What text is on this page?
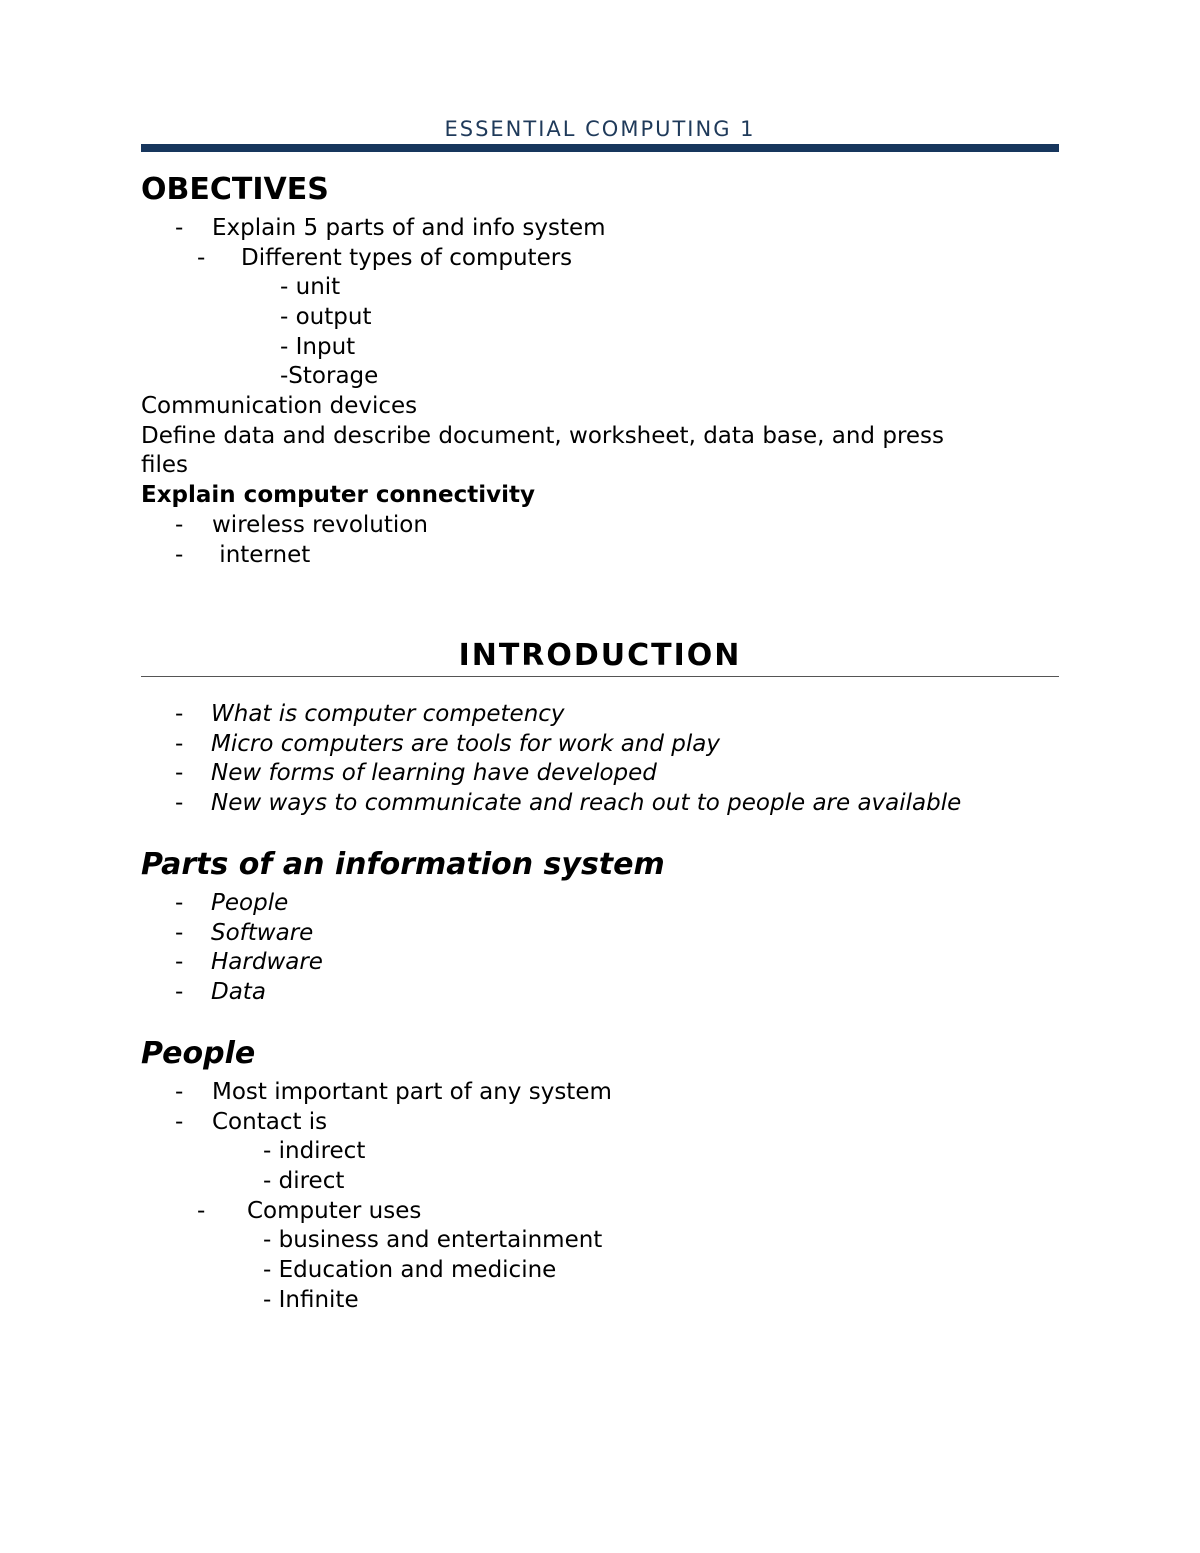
ESSENTIAL COMPUTING 1
OBECTIVES
- Explain 5 parts of and info system
- Different types of computers
- unit
- output
- Input
-Storage
Communication devices
Define data and describe document, worksheet, data base, and press
files
Explain computer connectivity
- wireless revolution
- internet
INTRODUCTION
- What is computer competency
- Micro computers are tools for work and play
- New forms of learning have developed
- New ways to communicate and reach out to people are available
Parts of an information system
- People
- Software
- Hardware
- Data
People
- Most important part of any system
- Contact is
- indirect
- direct
- Computer uses
- business and entertainment
- Education and medicine
- Infinite
